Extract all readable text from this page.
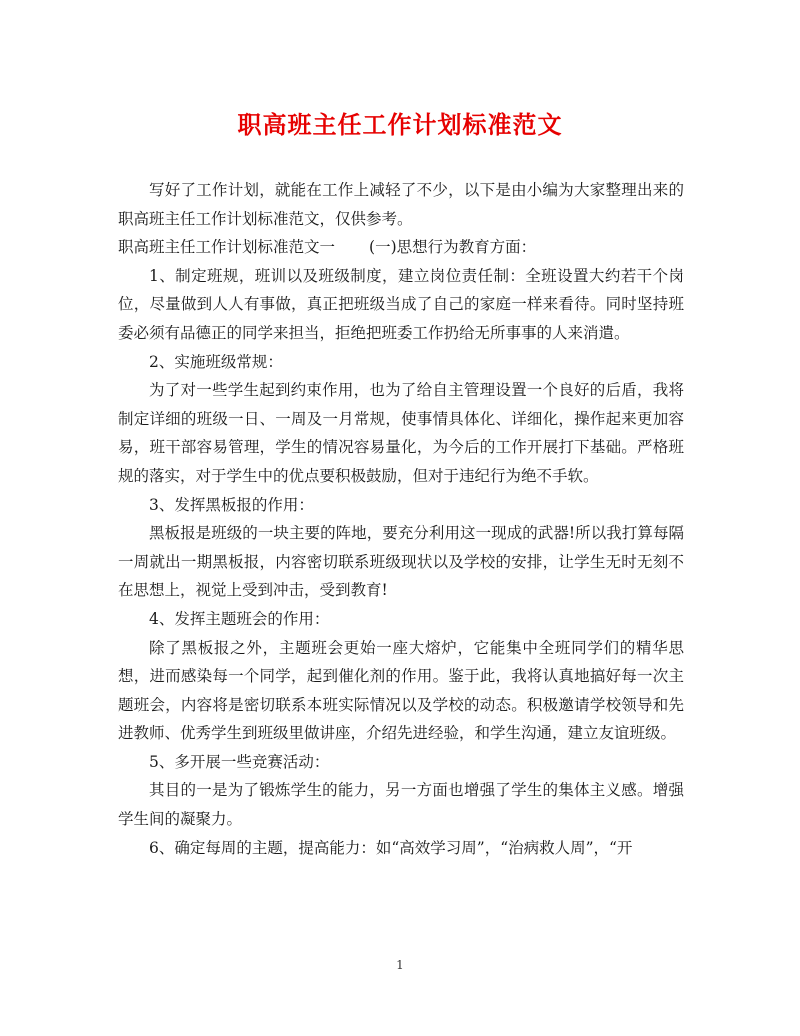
职高班主任工作计划标准范文

写好了工作计划，就能在工作上减轻了不少，以下是由小编为大家整理出来的职高班主任工作计划标准范文，仅供参考。

职高班主任工作计划标准范文一 (一)思想行为教育方面：

1、制定班规，班训以及班级制度，建立岗位责任制：全班设置大约若干个岗位，尽量做到人人有事做，真正把班级当成了自己的家庭一样来看待。同时坚持班委必须有品德正的同学来担当，拒绝把班委工作扔给无所事事的人来消遣。

2、实施班级常规：

为了对一些学生起到约束作用，也为了给自主管理设置一个良好的后盾，我将制定详细的班级一日、一周及一月常规，使事情具体化、详细化，操作起来更加容易，班干部容易管理，学生的情况容易量化，为今后的工作开展打下基础。严格班规的落实，对于学生中的优点要积极鼓励，但对于违纪行为绝不手软。

3、发挥黑板报的作用：

黑板报是班级的一块主要的阵地，要充分利用这一现成的武器!所以我打算每隔一周就出一期黑板报，内容密切联系班级现状以及学校的安排，让学生无时无刻不在思想上，视觉上受到冲击，受到教育!

4、发挥主题班会的作用：

除了黑板报之外，主题班会更始一座大熔炉，它能集中全班同学们的精华思想，进而感染每一个同学，起到催化剂的作用。鉴于此，我将认真地搞好每一次主题班会，内容将是密切联系本班实际情况以及学校的动态。积极邀请学校领导和先进教师、优秀学生到班级里做讲座，介绍先进经验，和学生沟通，建立友谊班级。

5、多开展一些竞赛活动：

其目的一是为了锻炼学生的能力，另一方面也增强了学生的集体主义感。增强学生间的凝聚力。

6、确定每周的主题，提高能力：如“高效学习周”，“治病救人周”，“开

1
